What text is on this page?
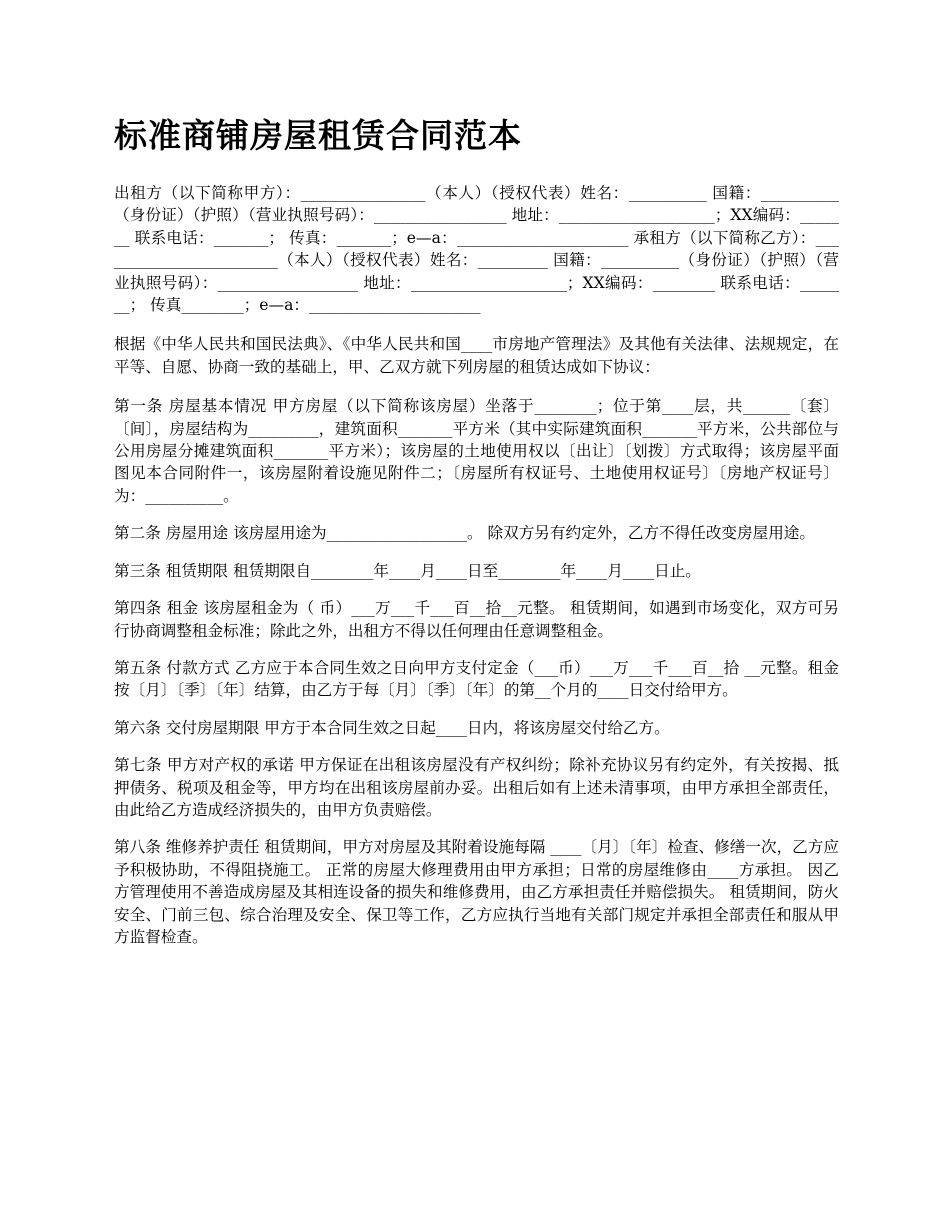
标准商铺房屋租赁合同范本

出租方（以下简称甲方）：________________（本人）（授权代表）姓名：__________ 国籍：__________（身份证）（护照）（营业执照号码）：_________________ 地址：____________________；XX编码：_______ 联系电话：_______； 传真：_______；e—a：______________________ 承租方（以下简称乙方）：________________________（本人）（授权代表）姓名：_________ 国籍：__________（身份证）（护照）（营业执照号码）：__________________ 地址：____________________；XX编码：________ 联系电话：_______； 传真________；e—a：______________________

根据《中华人民共和国民法典》、《中华人民共和国____市房地产管理法》及其他有关法律、法规规定，在平等、自愿、协商一致的基础上，甲、乙双方就下列房屋的租赁达成如下协议：

第一条 房屋基本情况 甲方房屋（以下简称该房屋）坐落于________；位于第____层，共______〔套〕〔间〕，房屋结构为_________，建筑面积_______平方米（其中实际建筑面积_______平方米，公共部位与公用房屋分摊建筑面积_______平方米）；该房屋的土地使用权以〔出让〕〔划拨〕方式取得；该房屋平面图见本合同附件一，该房屋附着设施见附件二；〔房屋所有权证号、土地使用权证号〕〔房地产权证号〕为：__________。

第二条 房屋用途 该房屋用途为__________________。 除双方另有约定外，乙方不得任改变房屋用途。

第三条 租赁期限 租赁期限自________年____月____日至________年____月____日止。

第四条 租金 该房屋租金为（ 币）___万___千___百__拾__元整。 租赁期间，如遇到市场变化，双方可另行协商调整租金标准；除此之外，出租方不得以任何理由任意调整租金。

第五条 付款方式 乙方应于本合同生效之日向甲方支付定金（___币）___万___千___百__拾 __元整。租金按〔月〕〔季〕〔年〕结算，由乙方于每〔月〕〔季〕〔年〕的第__个月的____日交付给甲方。

第六条 交付房屋期限 甲方于本合同生效之日起____日内，将该房屋交付给乙方。

第七条 甲方对产权的承诺 甲方保证在出租该房屋没有产权纠纷；除补充协议另有约定外，有关按揭、抵押债务、税项及租金等，甲方均在出租该房屋前办妥。出租后如有上述未清事项，由甲方承担全部责任，由此给乙方造成经济损失的，由甲方负责赔偿。

第八条 维修养护责任 租赁期间，甲方对房屋及其附着设施每隔 ____〔月〕〔年〕检查、修缮一次，乙方应予积极协助，不得阻挠施工。 正常的房屋大修理费用由甲方承担；日常的房屋维修由____方承担。 因乙方管理使用不善造成房屋及其相连设备的损失和维修费用，由乙方承担责任并赔偿损失。 租赁期间，防火安全、门前三包、综合治理及安全、保卫等工作，乙方应执行当地有关部门规定并承担全部责任和服从甲方监督检查。
